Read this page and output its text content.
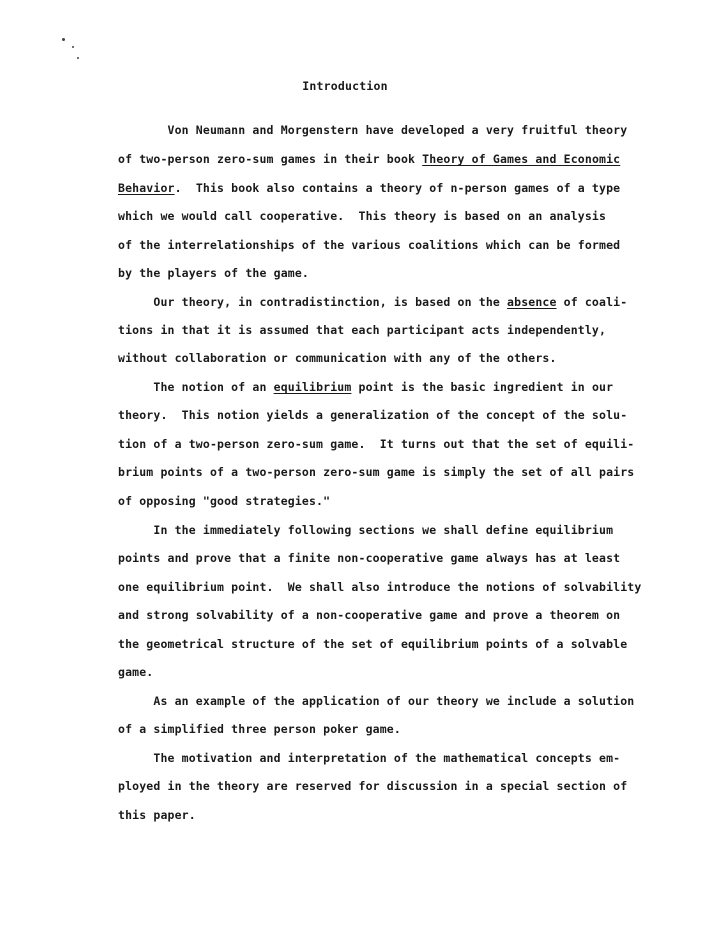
Introduction
Von Neumann and Morgenstern have developed a very fruitful theory
of two-person zero-sum games in their book Theory of Games and Economic
Behavior.  This book also contains a theory of n-person games of a type
which we would call cooperative.  This theory is based on an analysis
of the interrelationships of the various coalitions which can be formed
by the players of the game.
Our theory, in contradistinction, is based on the absence of coali-
tions in that it is assumed that each participant acts independently,
without collaboration or communication with any of the others.
The notion of an equilibrium point is the basic ingredient in our
theory.  This notion yields a generalization of the concept of the solu-
tion of a two-person zero-sum game.  It turns out that the set of equili-
brium points of a two-person zero-sum game is simply the set of all pairs
of opposing "good strategies."
In the immediately following sections we shall define equilibrium
points and prove that a finite non-cooperative game always has at least
one equilibrium point.  We shall also introduce the notions of solvability
and strong solvability of a non-cooperative game and prove a theorem on
the geometrical structure of the set of equilibrium points of a solvable
game.
As an example of the application of our theory we include a solution
of a simplified three person poker game.
The motivation and interpretation of the mathematical concepts em-
ployed in the theory are reserved for discussion in a special section of
this paper.
